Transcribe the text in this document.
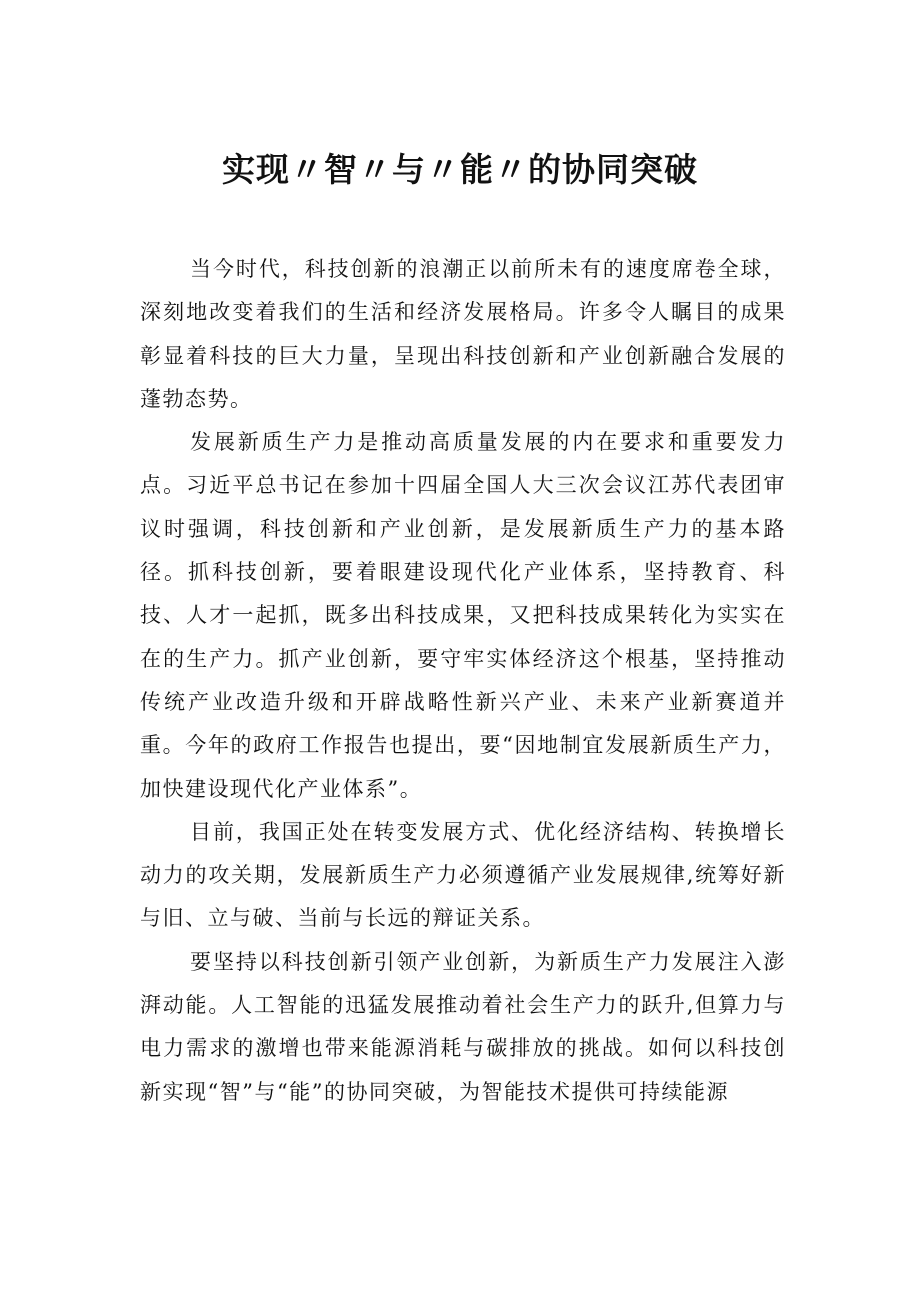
实现〃智〃与〃能〃的协同突破

当今时代，科技创新的浪潮正以前所未有的速度席卷全球，深刻地改变着我们的生活和经济发展格局。许多令人瞩目的成果彰显着科技的巨大力量，呈现出科技创新和产业创新融合发展的蓬勃态势。

发展新质生产力是推动高质量发展的内在要求和重要发力点。习近平总书记在参加十四届全国人大三次会议江苏代表团审议时强调，科技创新和产业创新，是发展新质生产力的基本路径。抓科技创新，要着眼建设现代化产业体系，坚持教育、科技、人才一起抓，既多出科技成果，又把科技成果转化为实实在在的生产力。抓产业创新，要守牢实体经济这个根基，坚持推动传统产业改造升级和开辟战略性新兴产业、未来产业新赛道并重。今年的政府工作报告也提出，要“因地制宜发展新质生产力，加快建设现代化产业体系”。

目前，我国正处在转变发展方式、优化经济结构、转换增长动力的攻关期，发展新质生产力必须遵循产业发展规律,统筹好新与旧、立与破、当前与长远的辩证关系。

要坚持以科技创新引领产业创新，为新质生产力发展注入澎湃动能。人工智能的迅猛发展推动着社会生产力的跃升,但算力与电力需求的激增也带来能源消耗与碳排放的挑战。如何以科技创新实现“智”与“能”的协同突破，为智能技术提供可持续能源
